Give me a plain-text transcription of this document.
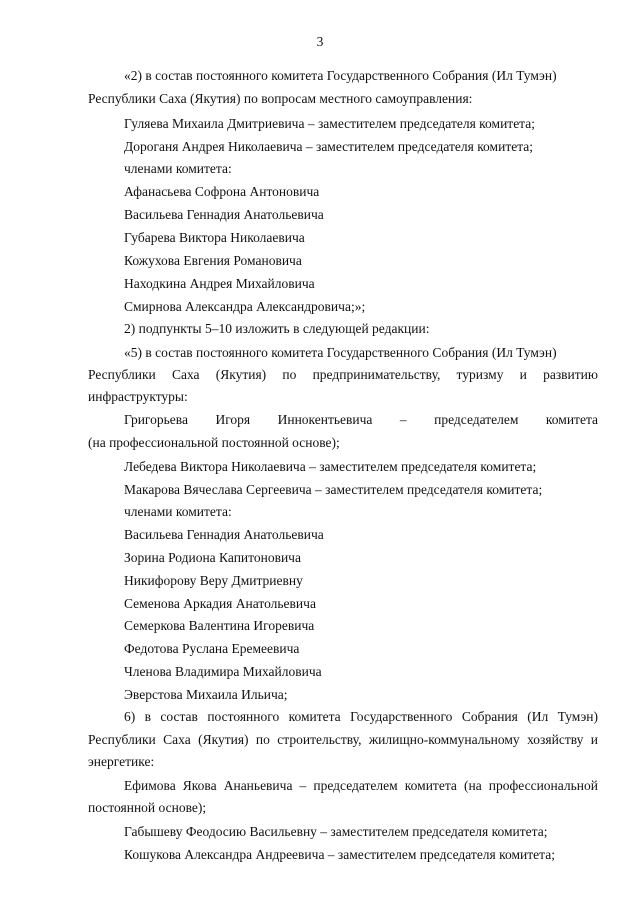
3
«2) в состав постоянного комитета Государственного Собрания (Ил Тумэн)
Республики Саха (Якутия) по вопросам местного самоуправления:
Гуляева Михаила Дмитриевича – заместителем председателя комитета;
Дороганя Андрея Николаевича – заместителем председателя комитета;
членами комитета:
Афанасьева Софрона Антоновича
Васильева Геннадия Анатольевича
Губарева Виктора Николаевича
Кожухова Евгения Романовича
Находкина Андрея Михайловича
Смирнова Александра Александровича;»;
2) подпункты 5–10 изложить в следующей редакции:
«5) в состав постоянного комитета Государственного Собрания (Ил Тумэн)
Республики Саха (Якутия) по предпринимательству, туризму и развитию
инфраструктуры:
Григорьева Игоря Иннокентьевича – председателем комитета
(на профессиональной постоянной основе);
Лебедева Виктора Николаевича – заместителем председателя комитета;
Макарова Вячеслава Сергеевича – заместителем председателя комитета;
членами комитета:
Васильева Геннадия Анатольевича
Зорина Родиона Капитоновича
Никифорову Веру Дмитриевну
Семенова Аркадия Анатольевича
Семеркова Валентина Игоревича
Федотова Руслана Еремеевича
Членова Владимира Михайловича
Эверстова Михаила Ильича;
6) в состав постоянного комитета Государственного Собрания (Ил Тумэн)
Республики Саха (Якутия) по строительству, жилищно-коммунальному хозяйству и
энергетике:
Ефимова Якова Ананьевича – председателем комитета (на профессиональной
постоянной основе);
Габышеву Феодосию Васильевну – заместителем председателя комитета;
Кошукова Александра Андреевича – заместителем председателя комитета;
